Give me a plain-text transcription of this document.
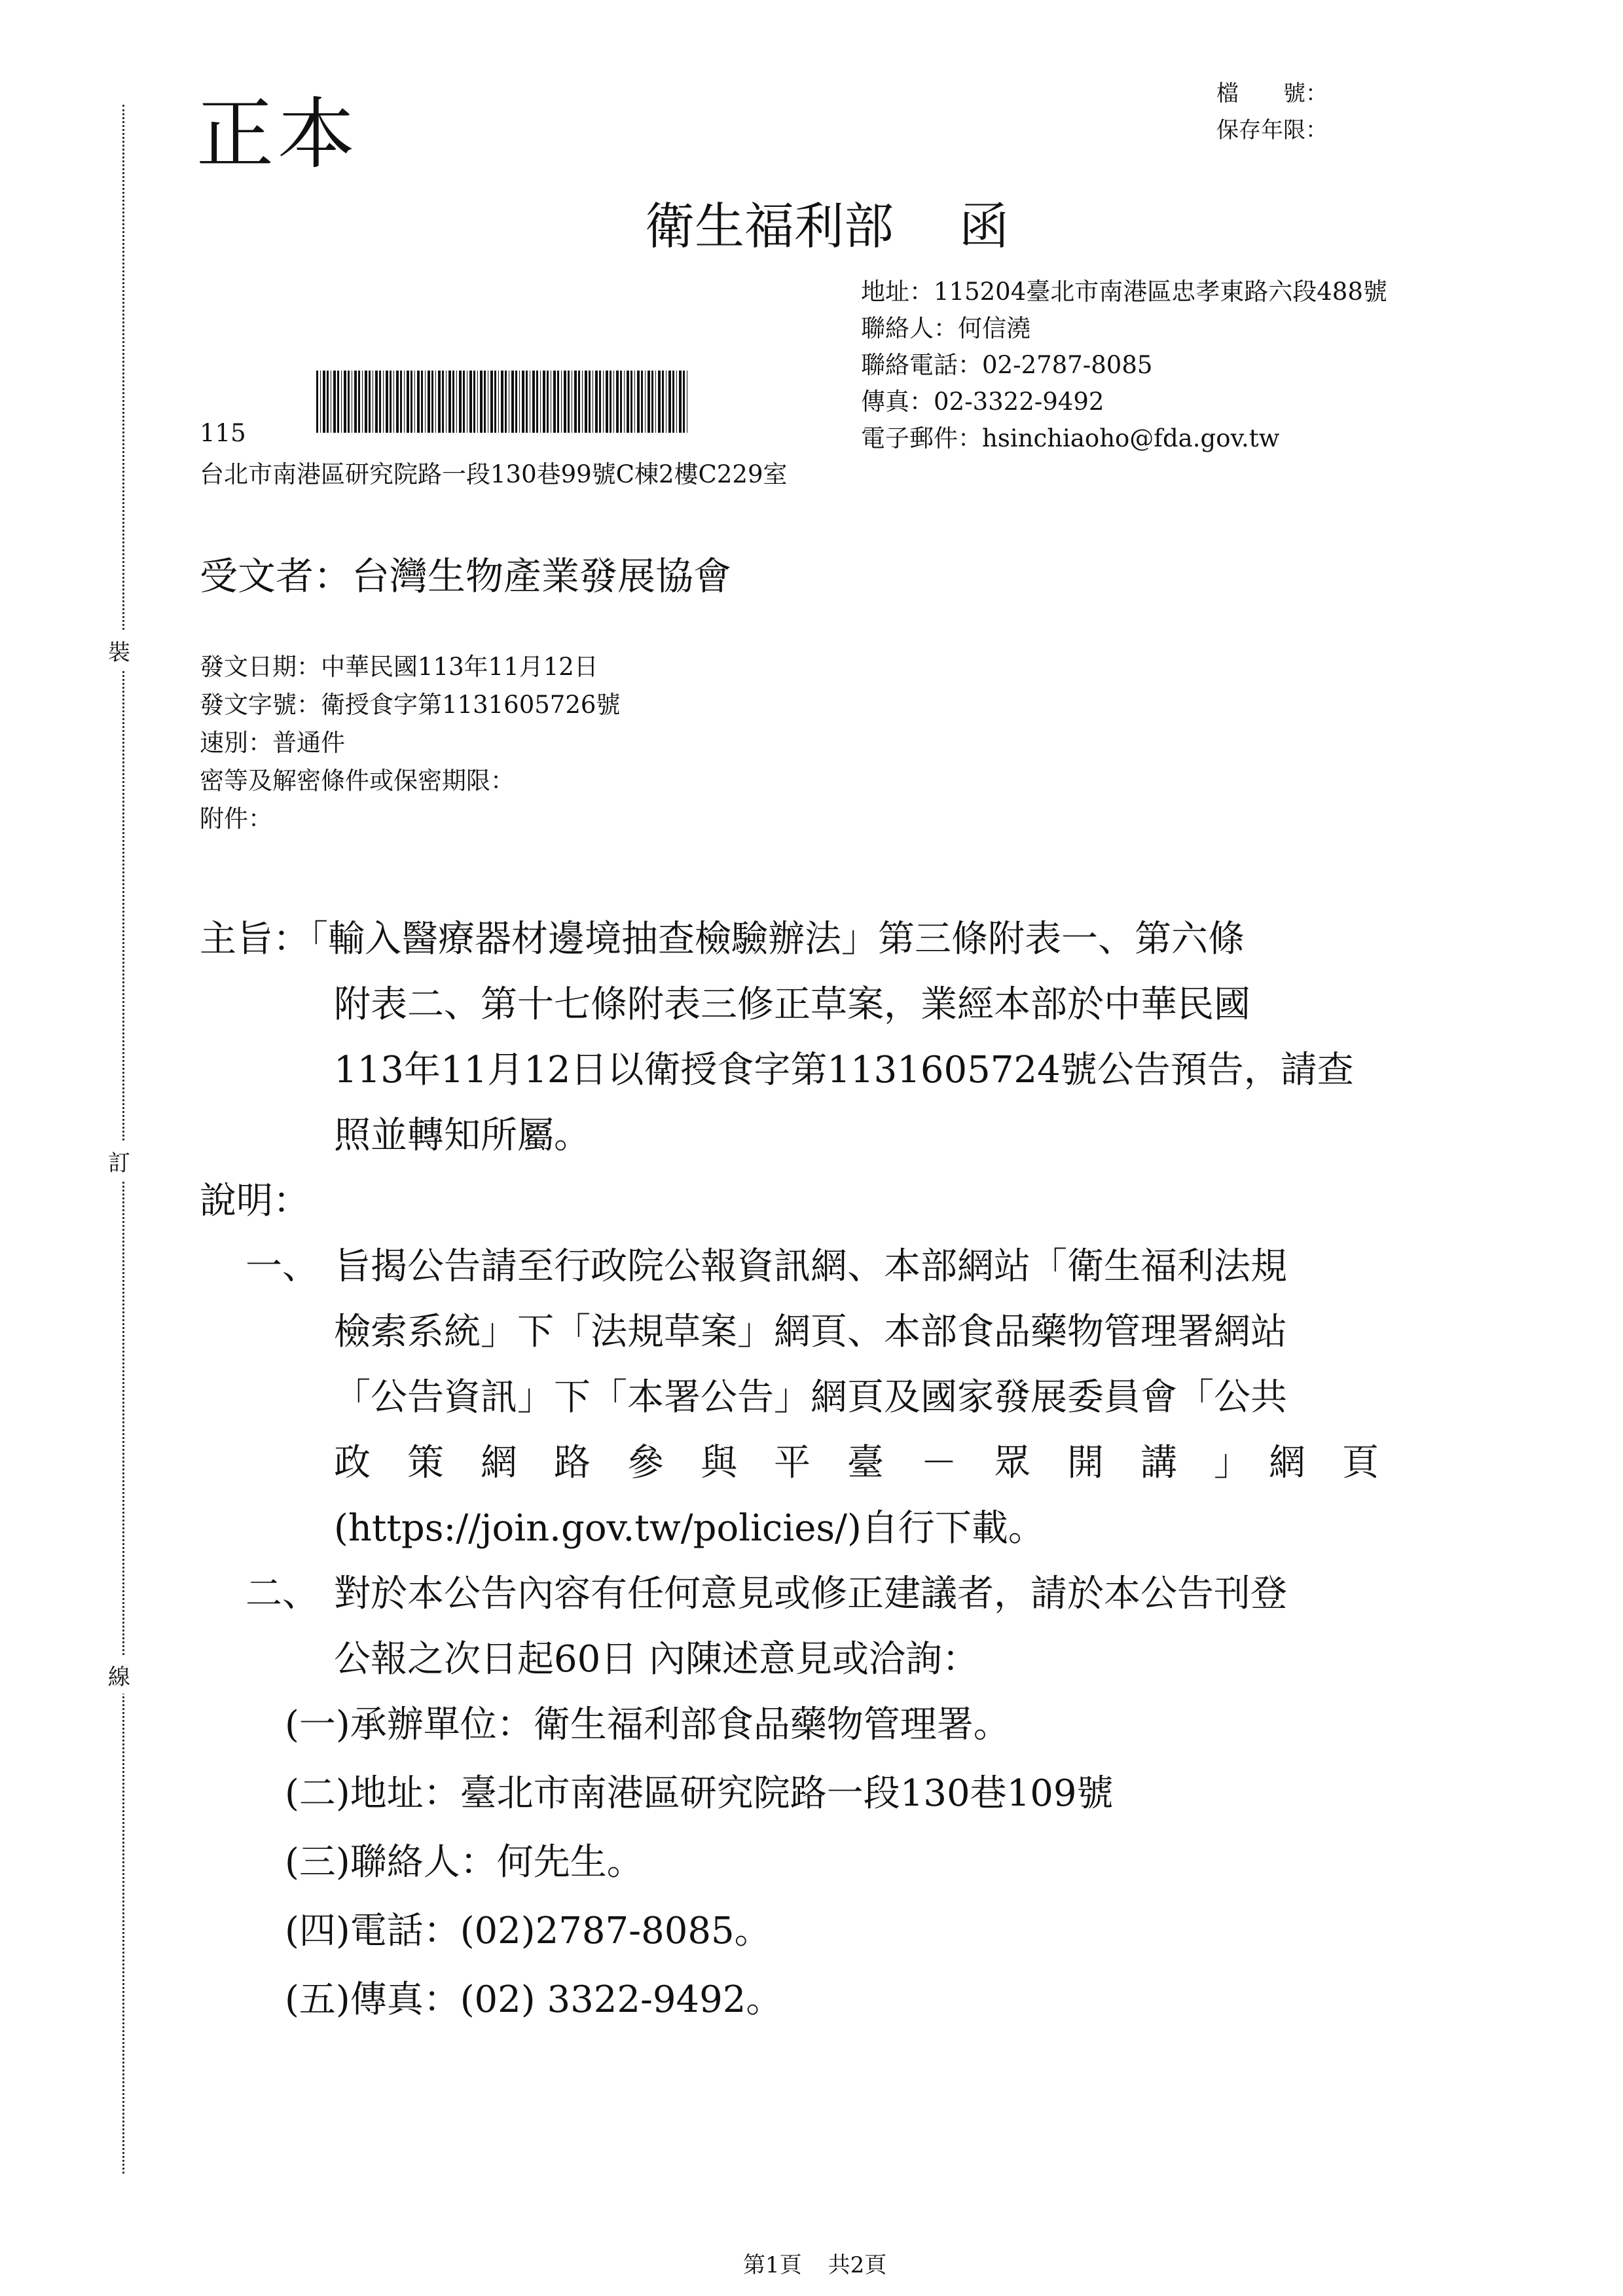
裝
訂
線
正本	檔　　號：
保存年限：
衛生福利部 函
地址：115204臺北市南港區忠孝東路六段488號
聯絡人：何信澆
聯絡電話：02-2787-8085
傳真：02-3322-9492
電子郵件：hsinchiaoho@fda.gov.tw
115
台北市南港區研究院路一段130巷99號C棟2樓C229室
受文者：台灣生物產業發展協會
發文日期：中華民國113年11月12日
發文字號：衛授食字第1131605726號
速別：普通件
密等及解密條件或保密期限：
附件：
主旨：
「輸入醫療器材邊境抽查檢驗辦法」第三條附表一、第六條
附表二、第十七條附表三修正草案，業經本部於中華民國
113年11月12日以衛授食字第1131605724號公告預告，請查
照並轉知所屬。
說明：
一、 旨揭公告請至行政院公報資訊網、本部網站「衛生福利法規
檢索系統」下「法規草案」網頁、本部食品藥物管理署網站
「公告資訊」下「本署公告」網頁及國家發展委員會「公共
政　策　網　路　參　與　平　臺　－　眾　開　講　」　網　頁
(https://join.gov.tw/policies/)自行下載。
二、 對於本公告內容有任何意見或修正建議者，請於本公告刊登
公報之次日起60日 內陳述意見或洽詢：
(一)承辦單位：衛生福利部食品藥物管理署。
(二)地址：臺北市南港區研究院路一段130巷109號
(三)聯絡人：何先生。
(四)電話：(02)2787-8085。
(五)傳真：(02) 3322-9492。
第1頁 共2頁
